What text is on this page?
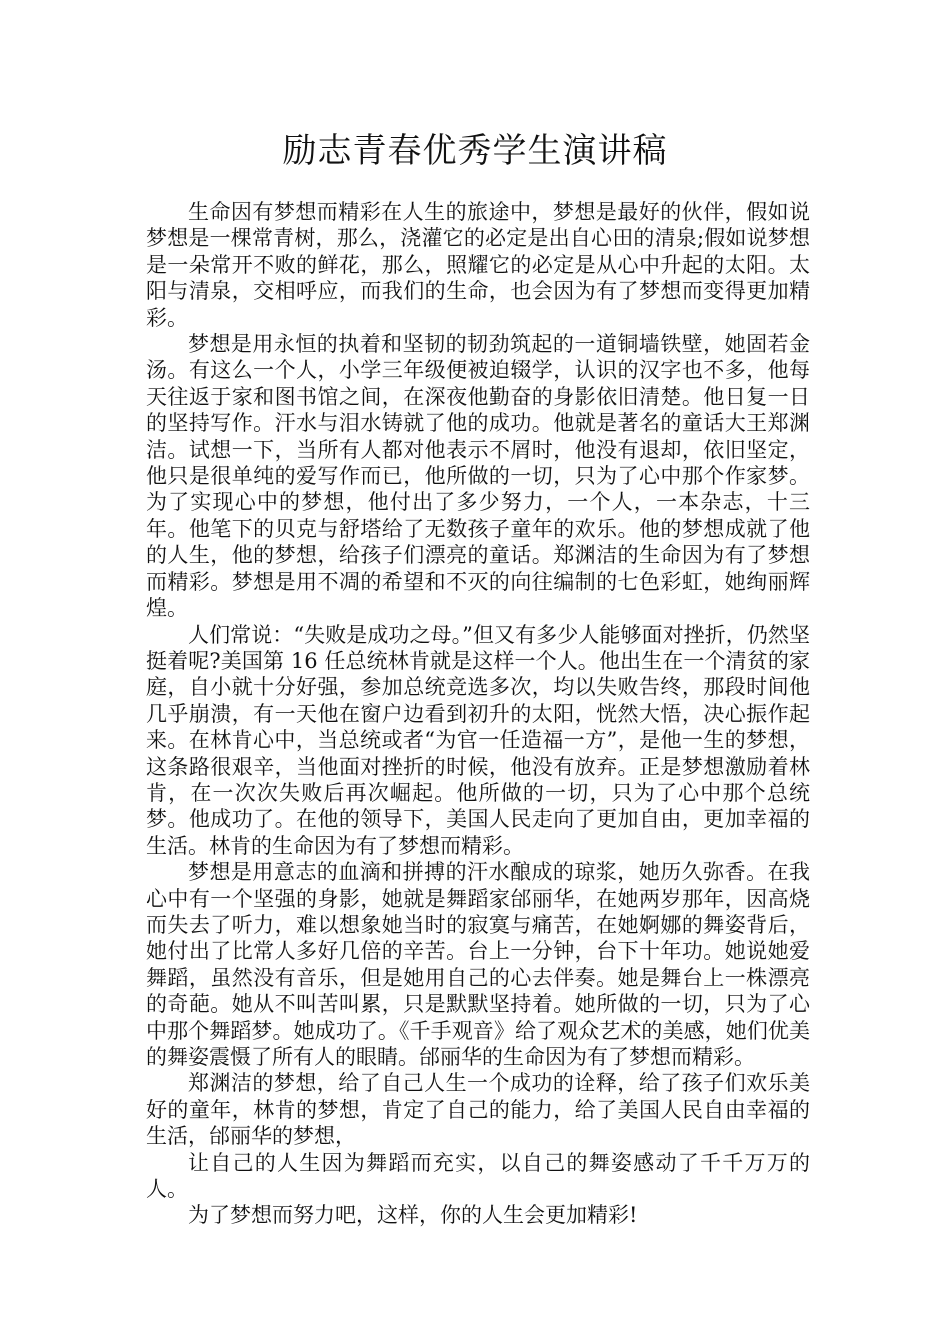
励志青春优秀学生演讲稿

生命因有梦想而精彩在人生的旅途中，梦想是最好的伙伴，假如说梦想是一棵常青树，那么，浇灌它的必定是出自心田的清泉;假如说梦想是一朵常开不败的鲜花，那么，照耀它的必定是从心中升起的太阳。太阳与清泉，交相呼应，而我们的生命，也会因为有了梦想而变得更加精彩。

梦想是用永恒的执着和坚韧的韧劲筑起的一道铜墙铁壁，她固若金汤。有这么一个人，小学三年级便被迫辍学，认识的汉字也不多，他每天往返于家和图书馆之间，在深夜他勤奋的身影依旧清楚。他日复一日的坚持写作。汗水与泪水铸就了他的成功。他就是著名的童话大王郑渊洁。试想一下，当所有人都对他表示不屑时，他没有退却，依旧坚定，他只是很单纯的爱写作而已，他所做的一切，只为了心中那个作家梦。为了实现心中的梦想，他付出了多少努力，一个人，一本杂志，十三年。他笔下的贝克与舒塔给了无数孩子童年的欢乐。他的梦想成就了他的人生，他的梦想，给孩子们漂亮的童话。郑渊洁的生命因为有了梦想而精彩。梦想是用不凋的希望和不灭的向往编制的七色彩虹，她绚丽辉煌。

人们常说：“失败是成功之母。”但又有多少人能够面对挫折，仍然坚挺着呢?美国第 16 任总统林肯就是这样一个人。他出生在一个清贫的家庭，自小就十分好强，参加总统竞选多次，均以失败告终，那段时间他几乎崩溃，有一天他在窗户边看到初升的太阳，恍然大悟，决心振作起来。在林肯心中，当总统或者“为官一任造福一方”，是他一生的梦想，这条路很艰辛，当他面对挫折的时候，他没有放弃。正是梦想激励着林肯，在一次次失败后再次崛起。他所做的一切，只为了心中那个总统梦。他成功了。在他的领导下，美国人民走向了更加自由，更加幸福的生活。林肯的生命因为有了梦想而精彩。

梦想是用意志的血滴和拼搏的汗水酿成的琼浆，她历久弥香。在我心中有一个坚强的身影，她就是舞蹈家邰丽华，在她两岁那年，因高烧而失去了听力，难以想象她当时的寂寞与痛苦，在她婀娜的舞姿背后，她付出了比常人多好几倍的辛苦。台上一分钟，台下十年功。她说她爱舞蹈，虽然没有音乐，但是她用自己的心去伴奏。她是舞台上一株漂亮的奇葩。她从不叫苦叫累，只是默默坚持着。她所做的一切，只为了心中那个舞蹈梦。她成功了。《千手观音》给了观众艺术的美感，她们优美的舞姿震慑了所有人的眼睛。邰丽华的生命因为有了梦想而精彩。

郑渊洁的梦想，给了自己人生一个成功的诠释，给了孩子们欢乐美好的童年，林肯的梦想，肯定了自己的能力，给了美国人民自由幸福的生活，邰丽华的梦想，

让自己的人生因为舞蹈而充实，以自己的舞姿感动了千千万万的人。

为了梦想而努力吧，这样，你的人生会更加精彩!
